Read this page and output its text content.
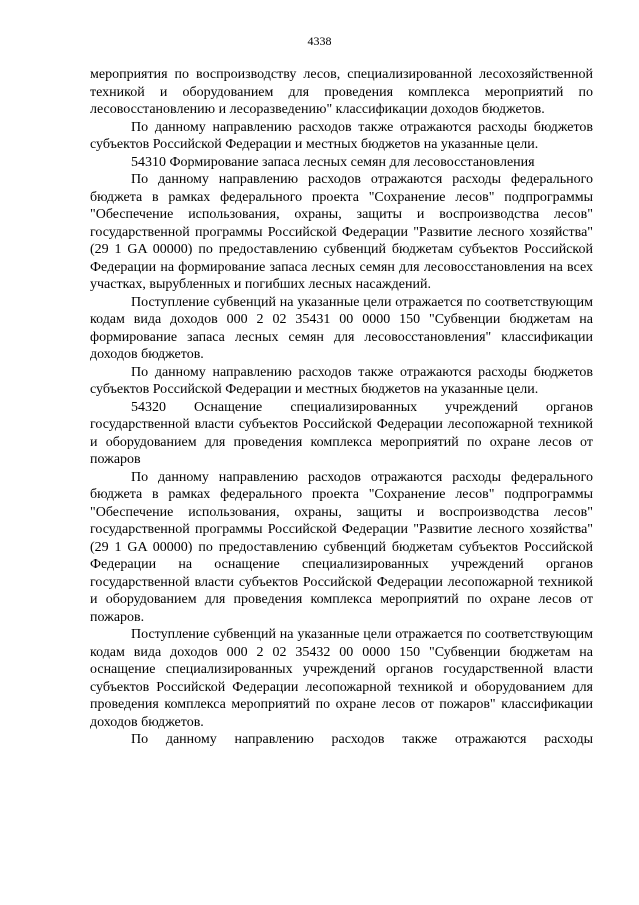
4338

мероприятия по воспроизводству лесов, специализированной лесохозяйственной техникой и оборудованием для проведения комплекса мероприятий по лесовосстановлению и лесоразведению" классификации доходов бюджетов.

По данному направлению расходов также отражаются расходы бюджетов субъектов Российской Федерации и местных бюджетов на указанные цели.

54310 Формирование запаса лесных семян для лесовосстановления

По данному направлению расходов отражаются расходы федерального бюджета в рамках федерального проекта "Сохранение лесов" подпрограммы "Обеспечение использования, охраны, защиты и воспроизводства лесов" государственной программы Российской Федерации "Развитие лесного хозяйства" (29 1 GA 00000) по предоставлению субвенций бюджетам субъектов Российской Федерации на формирование запаса лесных семян для лесовосстановления на всех участках, вырубленных и погибших лесных насаждений.

Поступление субвенций на указанные цели отражается по соответствующим кодам вида доходов 000 2 02 35431 00 0000 150 "Субвенции бюджетам на формирование запаса лесных семян для лесовосстановления" классификации доходов бюджетов.

По данному направлению расходов также отражаются расходы бюджетов субъектов Российской Федерации и местных бюджетов на указанные цели.

54320 Оснащение специализированных учреждений органов государственной власти субъектов Российской Федерации лесопожарной техникой и оборудованием для проведения комплекса мероприятий по охране лесов от пожаров

По данному направлению расходов отражаются расходы федерального бюджета в рамках федерального проекта "Сохранение лесов" подпрограммы "Обеспечение использования, охраны, защиты и воспроизводства лесов" государственной программы Российской Федерации "Развитие лесного хозяйства" (29 1 GA 00000) по предоставлению субвенций бюджетам субъектов Российской Федерации на оснащение специализированных учреждений органов государственной власти субъектов Российской Федерации лесопожарной техникой и оборудованием для проведения комплекса мероприятий по охране лесов от пожаров.

Поступление субвенций на указанные цели отражается по соответствующим кодам вида доходов 000 2 02 35432 00 0000 150 "Субвенции бюджетам на оснащение специализированных учреждений органов государственной власти субъектов Российской Федерации лесопожарной техникой и оборудованием для проведения комплекса мероприятий по охране лесов от пожаров" классификации доходов бюджетов.

По данному направлению расходов также отражаются расходы
